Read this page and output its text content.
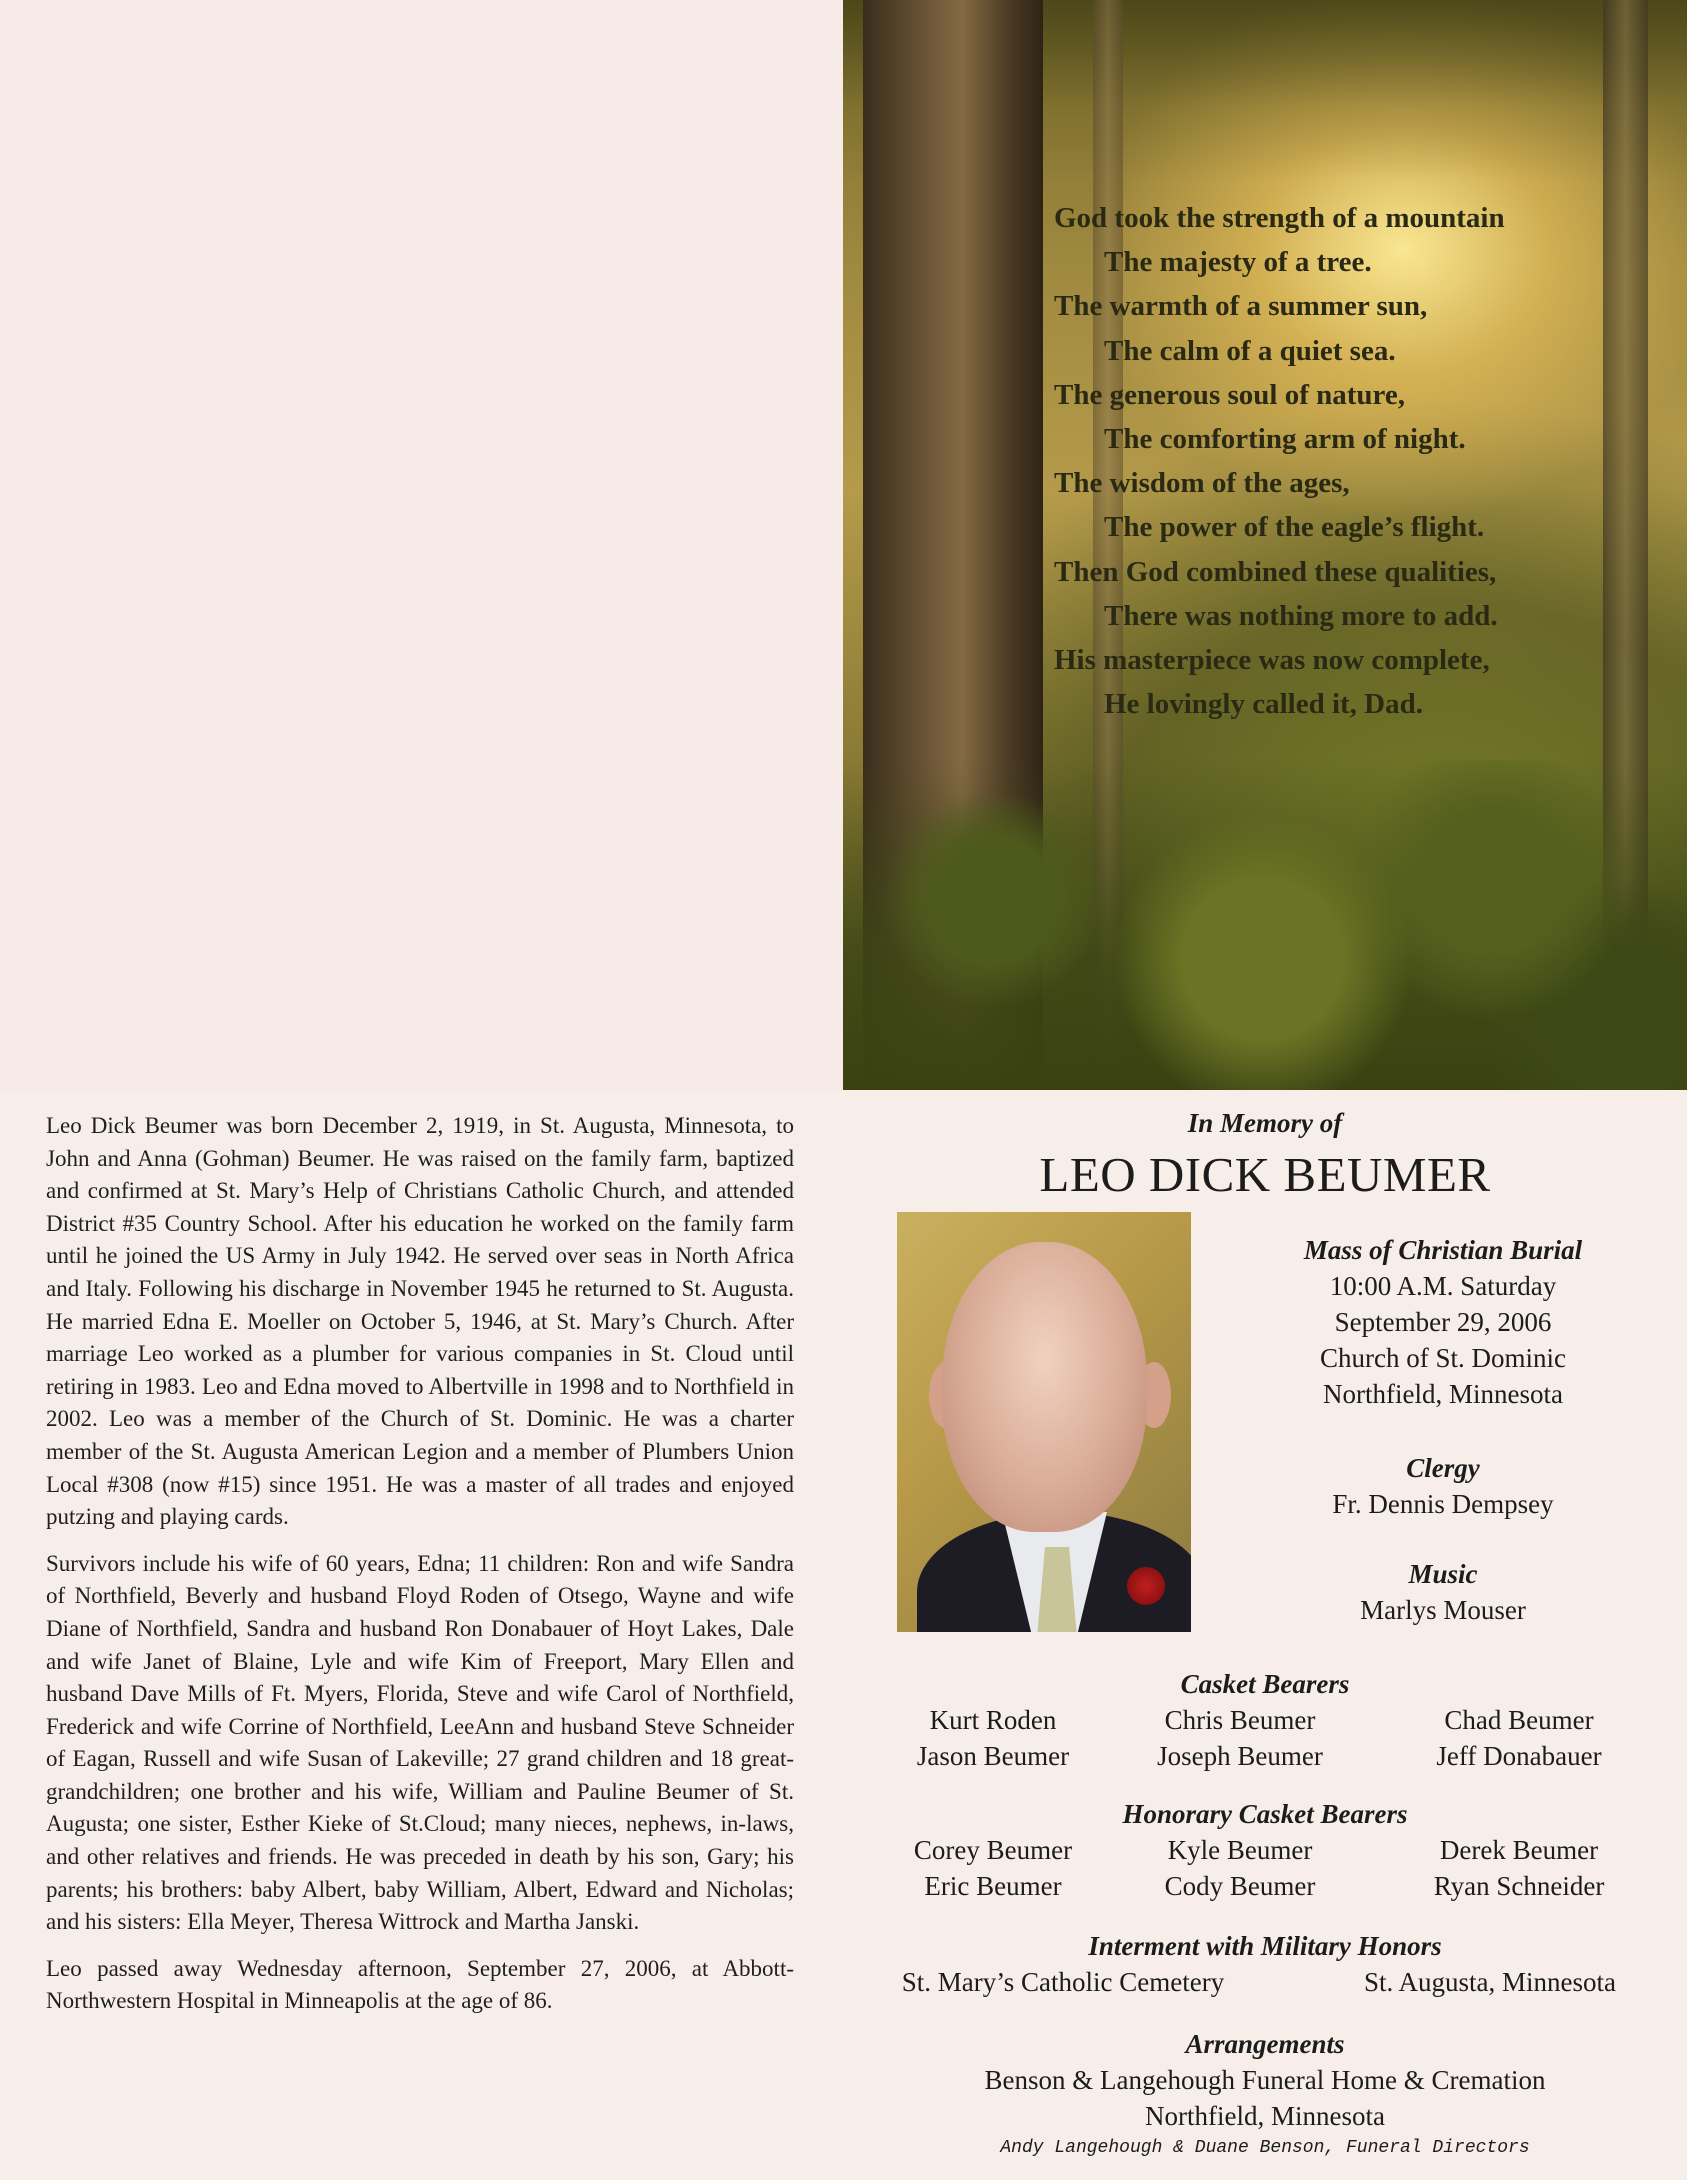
God took the strength of a mountain
The majesty of a tree.
The warmth of a summer sun,
The calm of a quiet sea.
The generous soul of nature,
The comforting arm of night.
The wisdom of the ages,
The power of the eagle’s flight.
Then God combined these qualities,
There was nothing more to add.
His masterpiece was now complete,
He lovingly called it, Dad.

Leo Dick Beumer was born December 2, 1919, in St. Augusta, Minnesota, to John and Anna (Gohman) Beumer. He was raised on the family farm, baptized and confirmed at St. Mary’s Help of Christians Catholic Church, and attended District #35 Country School. After his education he worked on the family farm until he joined the US Army in July 1942. He served over seas in North Africa and Italy. Following his discharge in November 1945 he returned to St. Augusta. He married Edna E. Moeller on October 5, 1946, at St. Mary’s Church. After marriage Leo worked as a plumber for various companies in St. Cloud until retiring in 1983. Leo and Edna moved to Albertville in 1998 and to Northfield in 2002. Leo was a member of the Church of St. Dominic. He was a charter member of the St. Augusta American Legion and a member of Plumbers Union Local #308 (now #15) since 1951. He was a master of all trades and enjoyed putzing and playing cards.

Survivors include his wife of 60 years, Edna; 11 children: Ron and wife Sandra of Northfield, Beverly and husband Floyd Roden of Otsego, Wayne and wife Diane of Northfield, Sandra and husband Ron Donabauer of Hoyt Lakes, Dale and wife Janet of Blaine, Lyle and wife Kim of Freeport, Mary Ellen and husband Dave Mills of Ft. Myers, Florida, Steve and wife Carol of Northfield, Frederick and wife Corrine of Northfield, LeeAnn and husband Steve Schneider of Eagan, Russell and wife Susan of Lakeville; 27 grand children and 18 great-grandchildren; one brother and his wife, William and Pauline Beumer of St. Augusta; one sister, Esther Kieke of St.Cloud; many nieces, nephews, in-laws, and other relatives and friends. He was preceded in death by his son, Gary; his parents; his brothers: baby Albert, baby William, Albert, Edward and Nicholas; and his sisters: Ella Meyer, Theresa Wittrock and Martha Janski.

Leo passed away Wednesday afternoon, September 27, 2006, at Abbott-Northwestern Hospital in Minneapolis at the age of 86.

In Memory of
LEO DICK BEUMER
Mass of Christian Burial
10:00 A.M. Saturday
September 29, 2006
Church of St. Dominic
Northfield, Minnesota
Clergy
Fr. Dennis Dempsey
Music
Marlys Mouser
Casket Bearers
Kurt Roden	Chris Beumer	Chad Beumer
Jason Beumer	Joseph Beumer	Jeff Donabauer
Honorary Casket Bearers
Corey Beumer	Kyle Beumer	Derek Beumer
Eric Beumer	Cody Beumer	Ryan Schneider
Interment with Military Honors
St. Mary’s Catholic Cemetery	St. Augusta, Minnesota
Arrangements
Benson & Langehough Funeral Home & Cremation
Northfield, Minnesota
Andy Langehough & Duane Benson, Funeral Directors
